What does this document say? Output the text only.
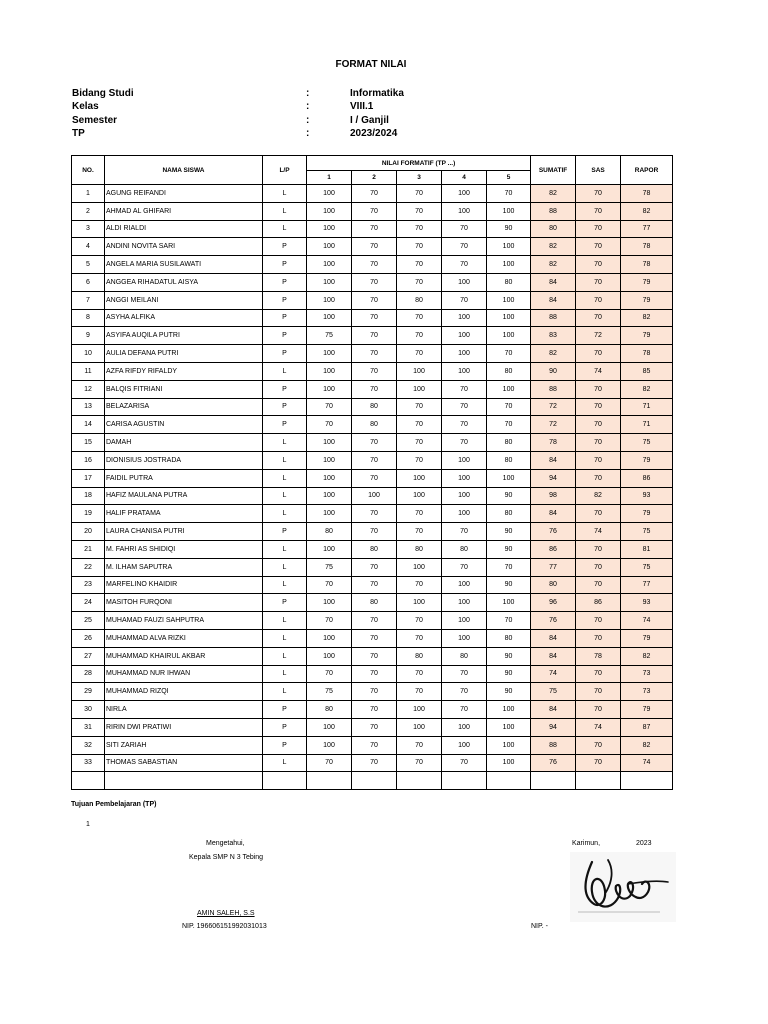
FORMAT NILAI
Bidang Studi	:	Informatika
Kelas	:	VIII.1
Semester	:	I / Ganjil
TP	:	2023/2024
NO.	NAMA SISWA	L/P	NILAI FORMATIF (TP ...)					SUMATIF	SAS	RAPOR
			1	2	3	4	5			
1	AGUNG REIFANDI	L	100	70	70	100	70	82	70	78
2	AHMAD AL GHIFARI	L	100	70	70	100	100	88	70	82
3	ALDI RIALDI	L	100	70	70	70	90	80	70	77
4	ANDINI NOVITA SARI	P	100	70	70	70	100	82	70	78
5	ANGELA MARIA SUSILAWATI	P	100	70	70	70	100	82	70	78
6	ANGGEA RIHADATUL AISYA	P	100	70	70	100	80	84	70	79
7	ANGGI MEILANI	P	100	70	80	70	100	84	70	79
8	ASYHA ALFIKA	P	100	70	70	100	100	88	70	82
9	ASYIFA AUQILA PUTRI	P	75	70	70	100	100	83	72	79
10	AULIA DEFANA PUTRI	P	100	70	70	100	70	82	70	78
11	AZFA RIFDY RIFALDY	L	100	70	100	100	80	90	74	85
12	BALQIS FITRIANI	P	100	70	100	70	100	88	70	82
13	BELAZARISA	P	70	80	70	70	70	72	70	71
14	CARISA AGUSTIN	P	70	80	70	70	70	72	70	71
15	DAMAH	L	100	70	70	70	80	78	70	75
16	DIONISIUS JOSTRADA	L	100	70	70	100	80	84	70	79
17	FAIDIL PUTRA	L	100	70	100	100	100	94	70	86
18	HAFIZ MAULANA PUTRA	L	100	100	100	100	90	98	82	93
19	HALIF PRATAMA	L	100	70	70	100	80	84	70	79
20	LAURA CHANISA PUTRI	P	80	70	70	70	90	76	74	75
21	M. FAHRI AS SHIDIQI	L	100	80	80	80	90	86	70	81
22	M. ILHAM SAPUTRA	L	75	70	100	70	70	77	70	75
23	MARFELINO KHAIDIR	L	70	70	70	100	90	80	70	77
24	MASITOH FURQONI	P	100	80	100	100	100	96	86	93
25	MUHAMAD FAUZI SAHPUTRA	L	70	70	70	100	70	76	70	74
26	MUHAMMAD ALVA RIZKI	L	100	70	70	100	80	84	70	79
27	MUHAMMAD KHAIRUL AKBAR	L	100	70	80	80	90	84	78	82
28	MUHAMMAD NUR IHWAN	L	70	70	70	70	90	74	70	73
29	MUHAMMAD RIZQI	L	75	70	70	70	90	75	70	73
30	NIRLA	P	80	70	100	70	100	84	70	79
31	RIRIN DWI PRATIWI	P	100	70	100	100	100	94	74	87
32	SITI ZARIAH	P	100	70	70	100	100	88	70	82
33	THOMAS SABASTIAN	L	70	70	70	70	100	76	70	74

Tujuan Pembelajaran (TP)
1
Mengetahui,
Kepala SMP N 3 Tebing
AMIN SALEH, S.S
NIP. 196606151992031013
Karimun,	2023
NIP. -
